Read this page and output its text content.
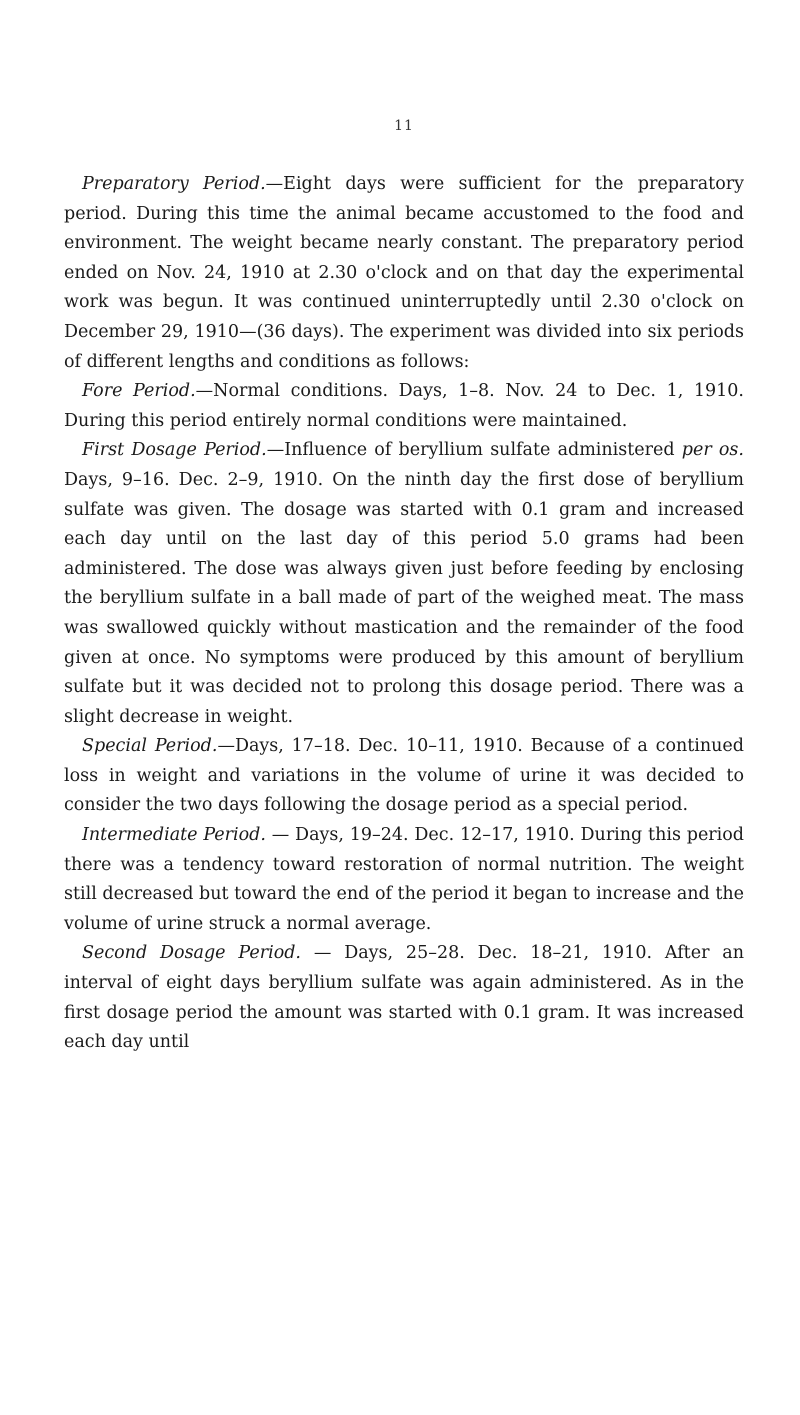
11

Preparatory Period.—Eight days were sufficient for the preparatory period. During this time the animal became accustomed to the food and environment. The weight became nearly constant. The preparatory period ended on Nov. 24, 1910 at 2.30 o'clock and on that day the experimental work was begun. It was continued uninterruptedly until 2.30 o'clock on December 29, 1910—(36 days). The experiment was divided into six periods of different lengths and conditions as follows:

Fore Period.—Normal conditions. Days, 1–8. Nov. 24 to Dec. 1, 1910. During this period entirely normal conditions were maintained.

First Dosage Period.—Influence of beryllium sulfate administered per os. Days, 9–16. Dec. 2–9, 1910. On the ninth day the first dose of beryllium sulfate was given. The dosage was started with 0.1 gram and increased each day until on the last day of this period 5.0 grams had been administered. The dose was always given just before feeding by enclosing the beryllium sulfate in a ball made of part of the weighed meat. The mass was swallowed quickly without mastication and the remainder of the food given at once. No symptoms were produced by this amount of beryllium sulfate but it was decided not to prolong this dosage period. There was a slight decrease in weight.

Special Period.—Days, 17–18. Dec. 10–11, 1910. Because of a continued loss in weight and variations in the volume of urine it was decided to consider the two days following the dosage period as a special period.

Intermediate Period. — Days, 19–24. Dec. 12–17, 1910. During this period there was a tendency toward restoration of normal nutrition. The weight still decreased but toward the end of the period it began to increase and the volume of urine struck a normal average.

Second Dosage Period. — Days, 25–28. Dec. 18–21, 1910. After an interval of eight days beryllium sulfate was again administered. As in the first dosage period the amount was started with 0.1 gram. It was increased each day until
